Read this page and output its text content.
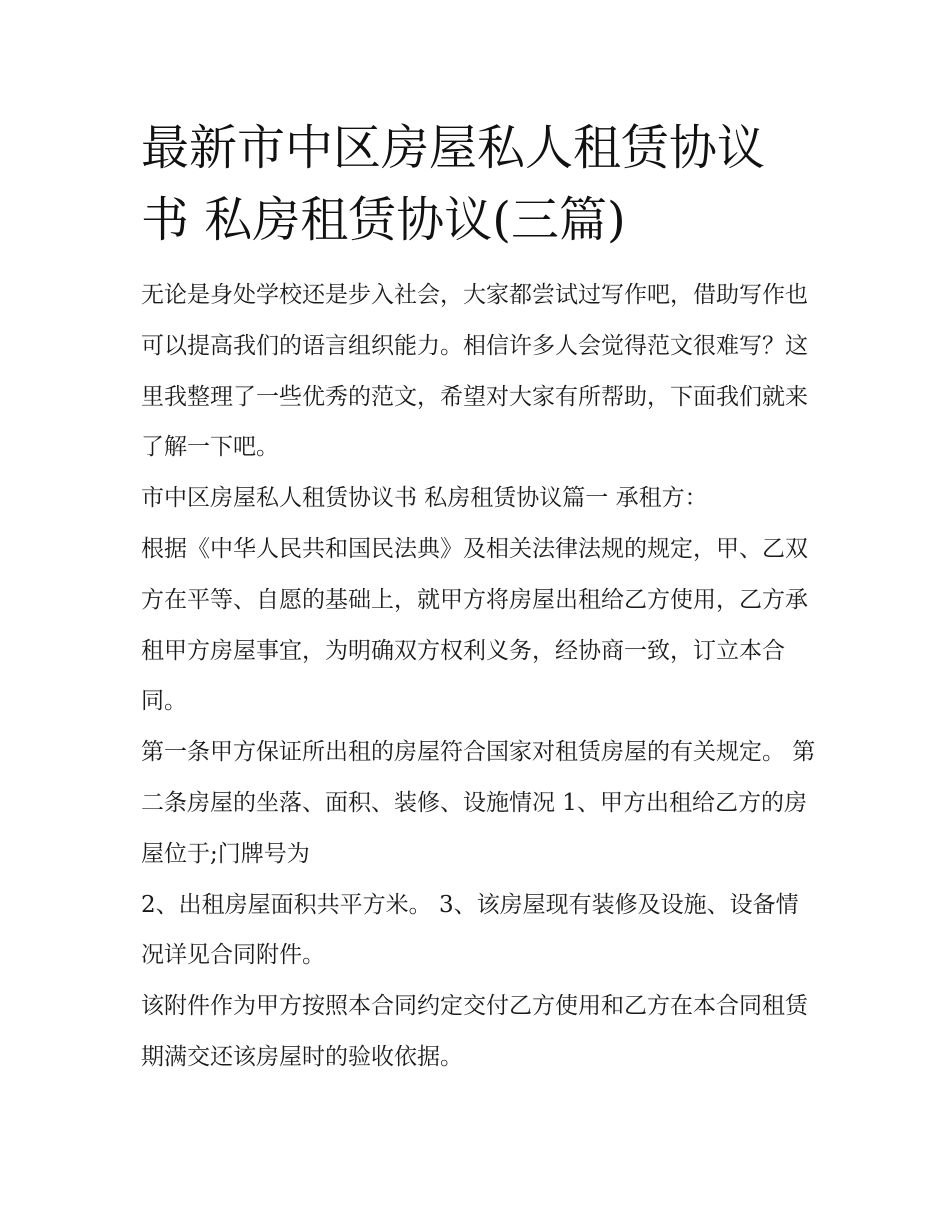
最新市中区房屋私人租赁协议
书 私房租赁协议(三篇)

无论是身处学校还是步入社会，大家都尝试过写作吧，借助写作也可以提高我们的语言组织能力。相信许多人会觉得范文很难写？这里我整理了一些优秀的范文，希望对大家有所帮助，下面我们就来了解一下吧。

市中区房屋私人租赁协议书 私房租赁协议篇一 承租方：

根据《中华人民共和国民法典》及相关法律法规的规定，甲、乙双方在平等、自愿的基础上，就甲方将房屋出租给乙方使用，乙方承租甲方房屋事宜，为明确双方权利义务，经协商一致，订立本合同。

第一条甲方保证所出租的房屋符合国家对租赁房屋的有关规定。 第二条房屋的坐落、面积、装修、设施情况 1、甲方出租给乙方的房屋位于;门牌号为

2、出租房屋面积共平方米。 3、该房屋现有装修及设施、设备情况详见合同附件。

该附件作为甲方按照本合同约定交付乙方使用和乙方在本合同租赁期满交还该房屋时的验收依据。
